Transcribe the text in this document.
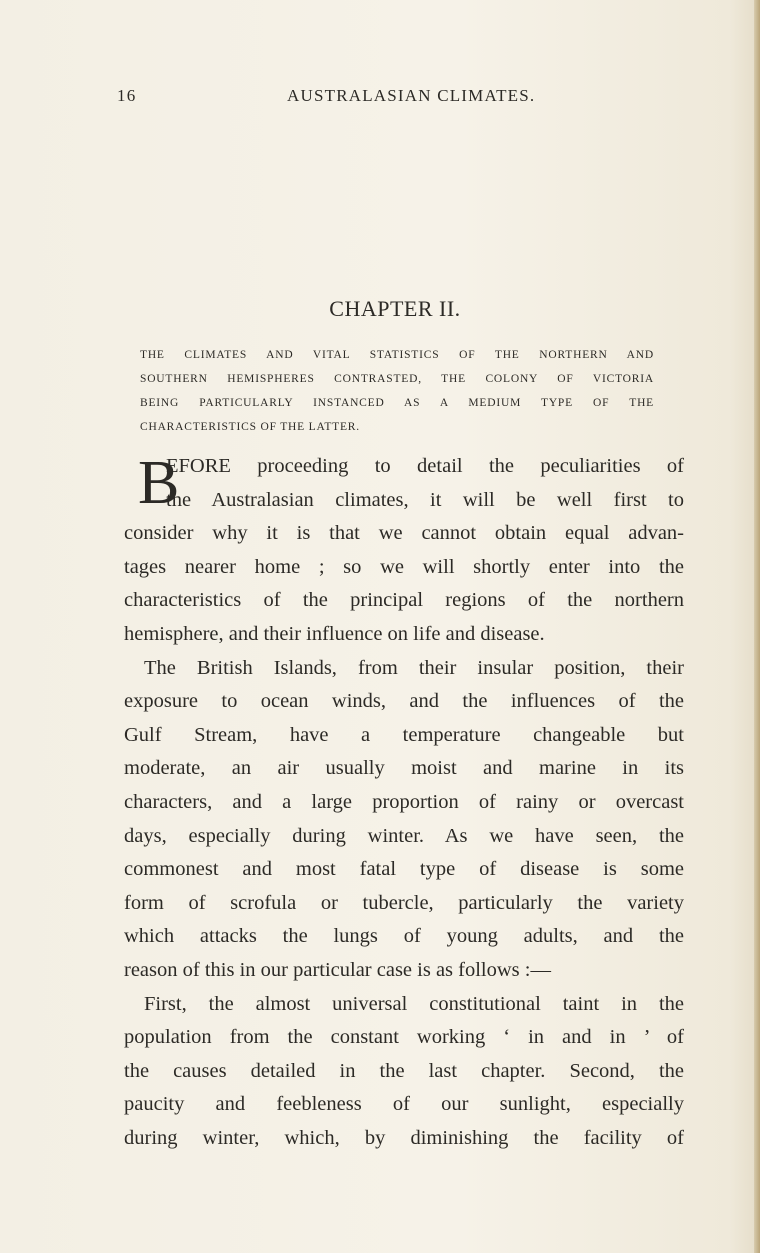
16	AUSTRALASIAN CLIMATES.
CHAPTER II.
THE CLIMATES AND VITAL STATISTICS OF THE NORTHERN AND
SOUTHERN HEMISPHERES CONTRASTED, THE COLONY OF VICTORIA
BEING PARTICULARLY INSTANCED AS A MEDIUM TYPE OF THE
CHARACTERISTICS OF THE LATTER.
B
EFORE proceeding to detail the peculiarities of
the Australasian climates, it will be well first to
consider why it is that we cannot obtain equal advan-
tages nearer home ; so we will shortly enter into the
characteristics of the principal regions of the northern
hemisphere, and their influence on life and disease.
The British Islands, from their insular position, their
exposure to ocean winds, and the influences of the
Gulf Stream, have a temperature changeable but
moderate, an air usually moist and marine in its
characters, and a large proportion of rainy or overcast
days, especially during winter. As we have seen, the
commonest and most fatal type of disease is some
form of scrofula or tubercle, particularly the variety
which attacks the lungs of young adults, and the
reason of this in our particular case is as follows :—
First, the almost universal constitutional taint in the
population from the constant working ‘ in and in ’ of
the causes detailed in the last chapter. Second, the
paucity and feebleness of our sunlight, especially
during winter, which, by diminishing the facility of
